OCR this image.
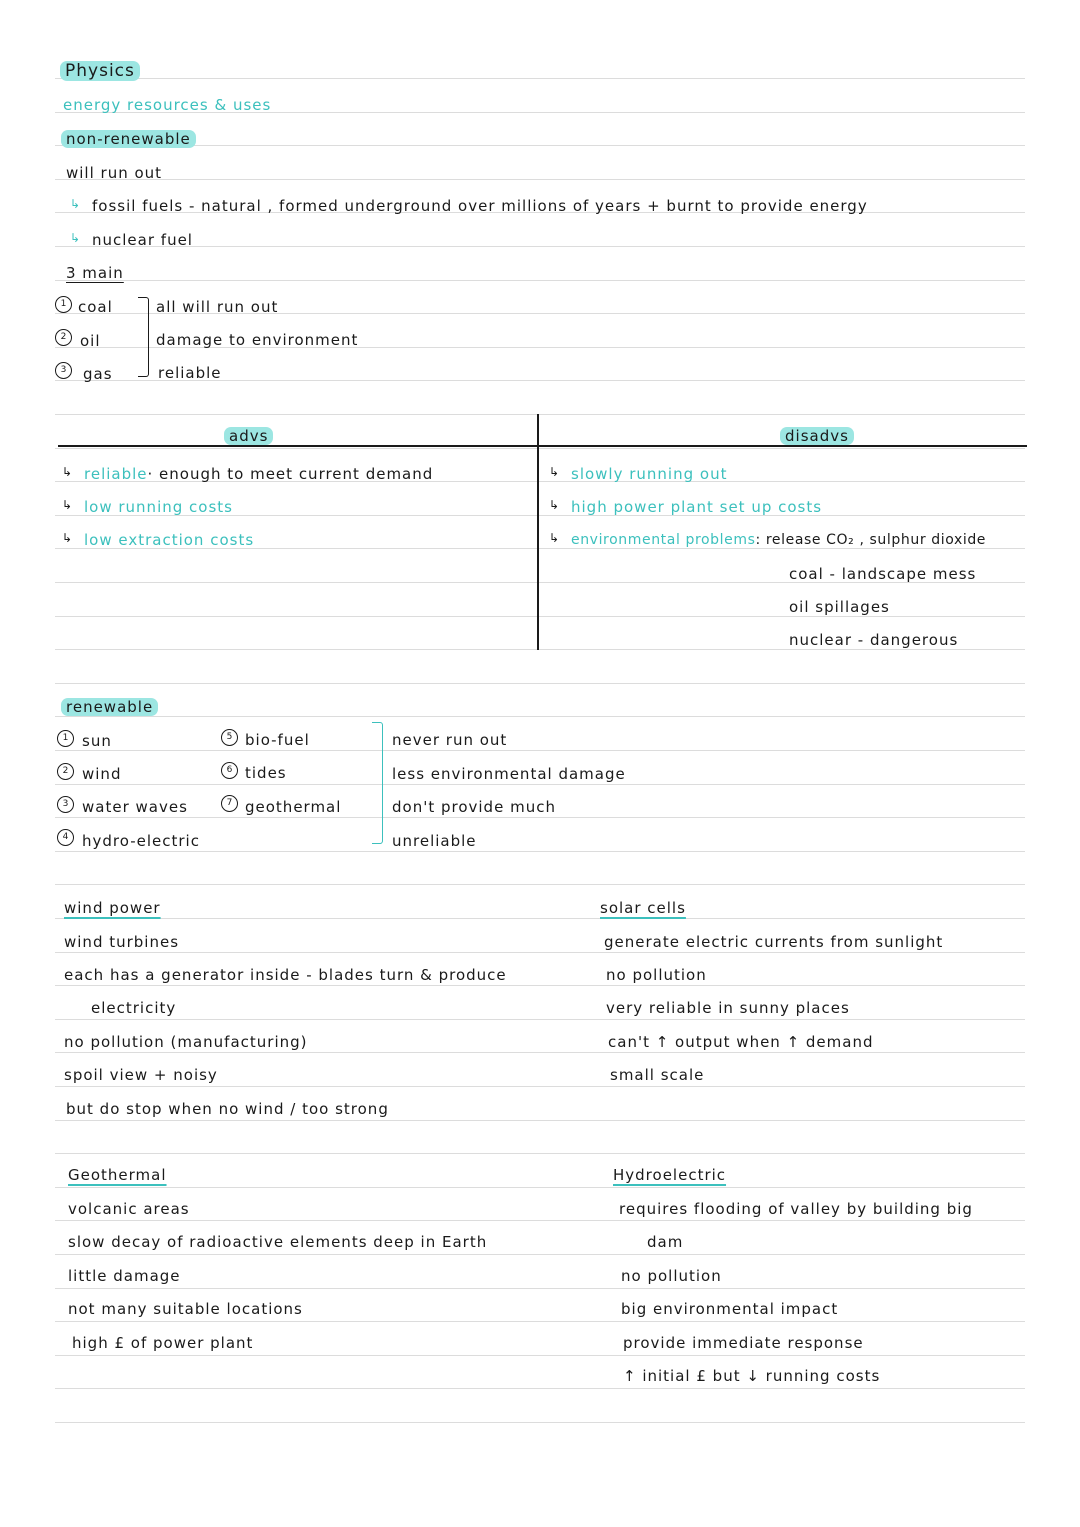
Physics
energy resources & uses
non-renewable
will run out
↳ fossil fuels - natural , formed underground over millions of years + burnt to provide energy
↳ nuclear fuel
3 main
1 coal
2 oil
3	gas
all will run out
damage to environment
reliable
advs	disadvs
↳ reliable· enough to meet current demand
↳ low running costs
↳ low extraction costs
↳ slowly running out
↳ high power plant set up costs
↳ environmental problems: release CO₂ , sulphur dioxide
coal - landscape mess
oil spillages
nuclear - dangerous
renewable
1 sun
2 wind
3 water waves
4 hydro-electric
5 bio-fuel
6 tides
7 geothermal
never run out
less environmental damage
don't provide much
unreliable
wind power
wind turbines
each has a generator inside - blades turn & produce
electricity
no pollution (manufacturing)
spoil view + noisy
but do stop when no wind / too strong
solar cells
generate electric currents from sunlight
no pollution
very reliable in sunny places
can't ↑ output when ↑ demand
small scale
Geothermal
volcanic areas
slow decay of radioactive elements deep in Earth
little damage
not many suitable locations
high £ of power plant
Hydroelectric
requires flooding of valley by building big
dam
no pollution
big environmental impact
provide immediate response
↑ initial £ but ↓ running costs
